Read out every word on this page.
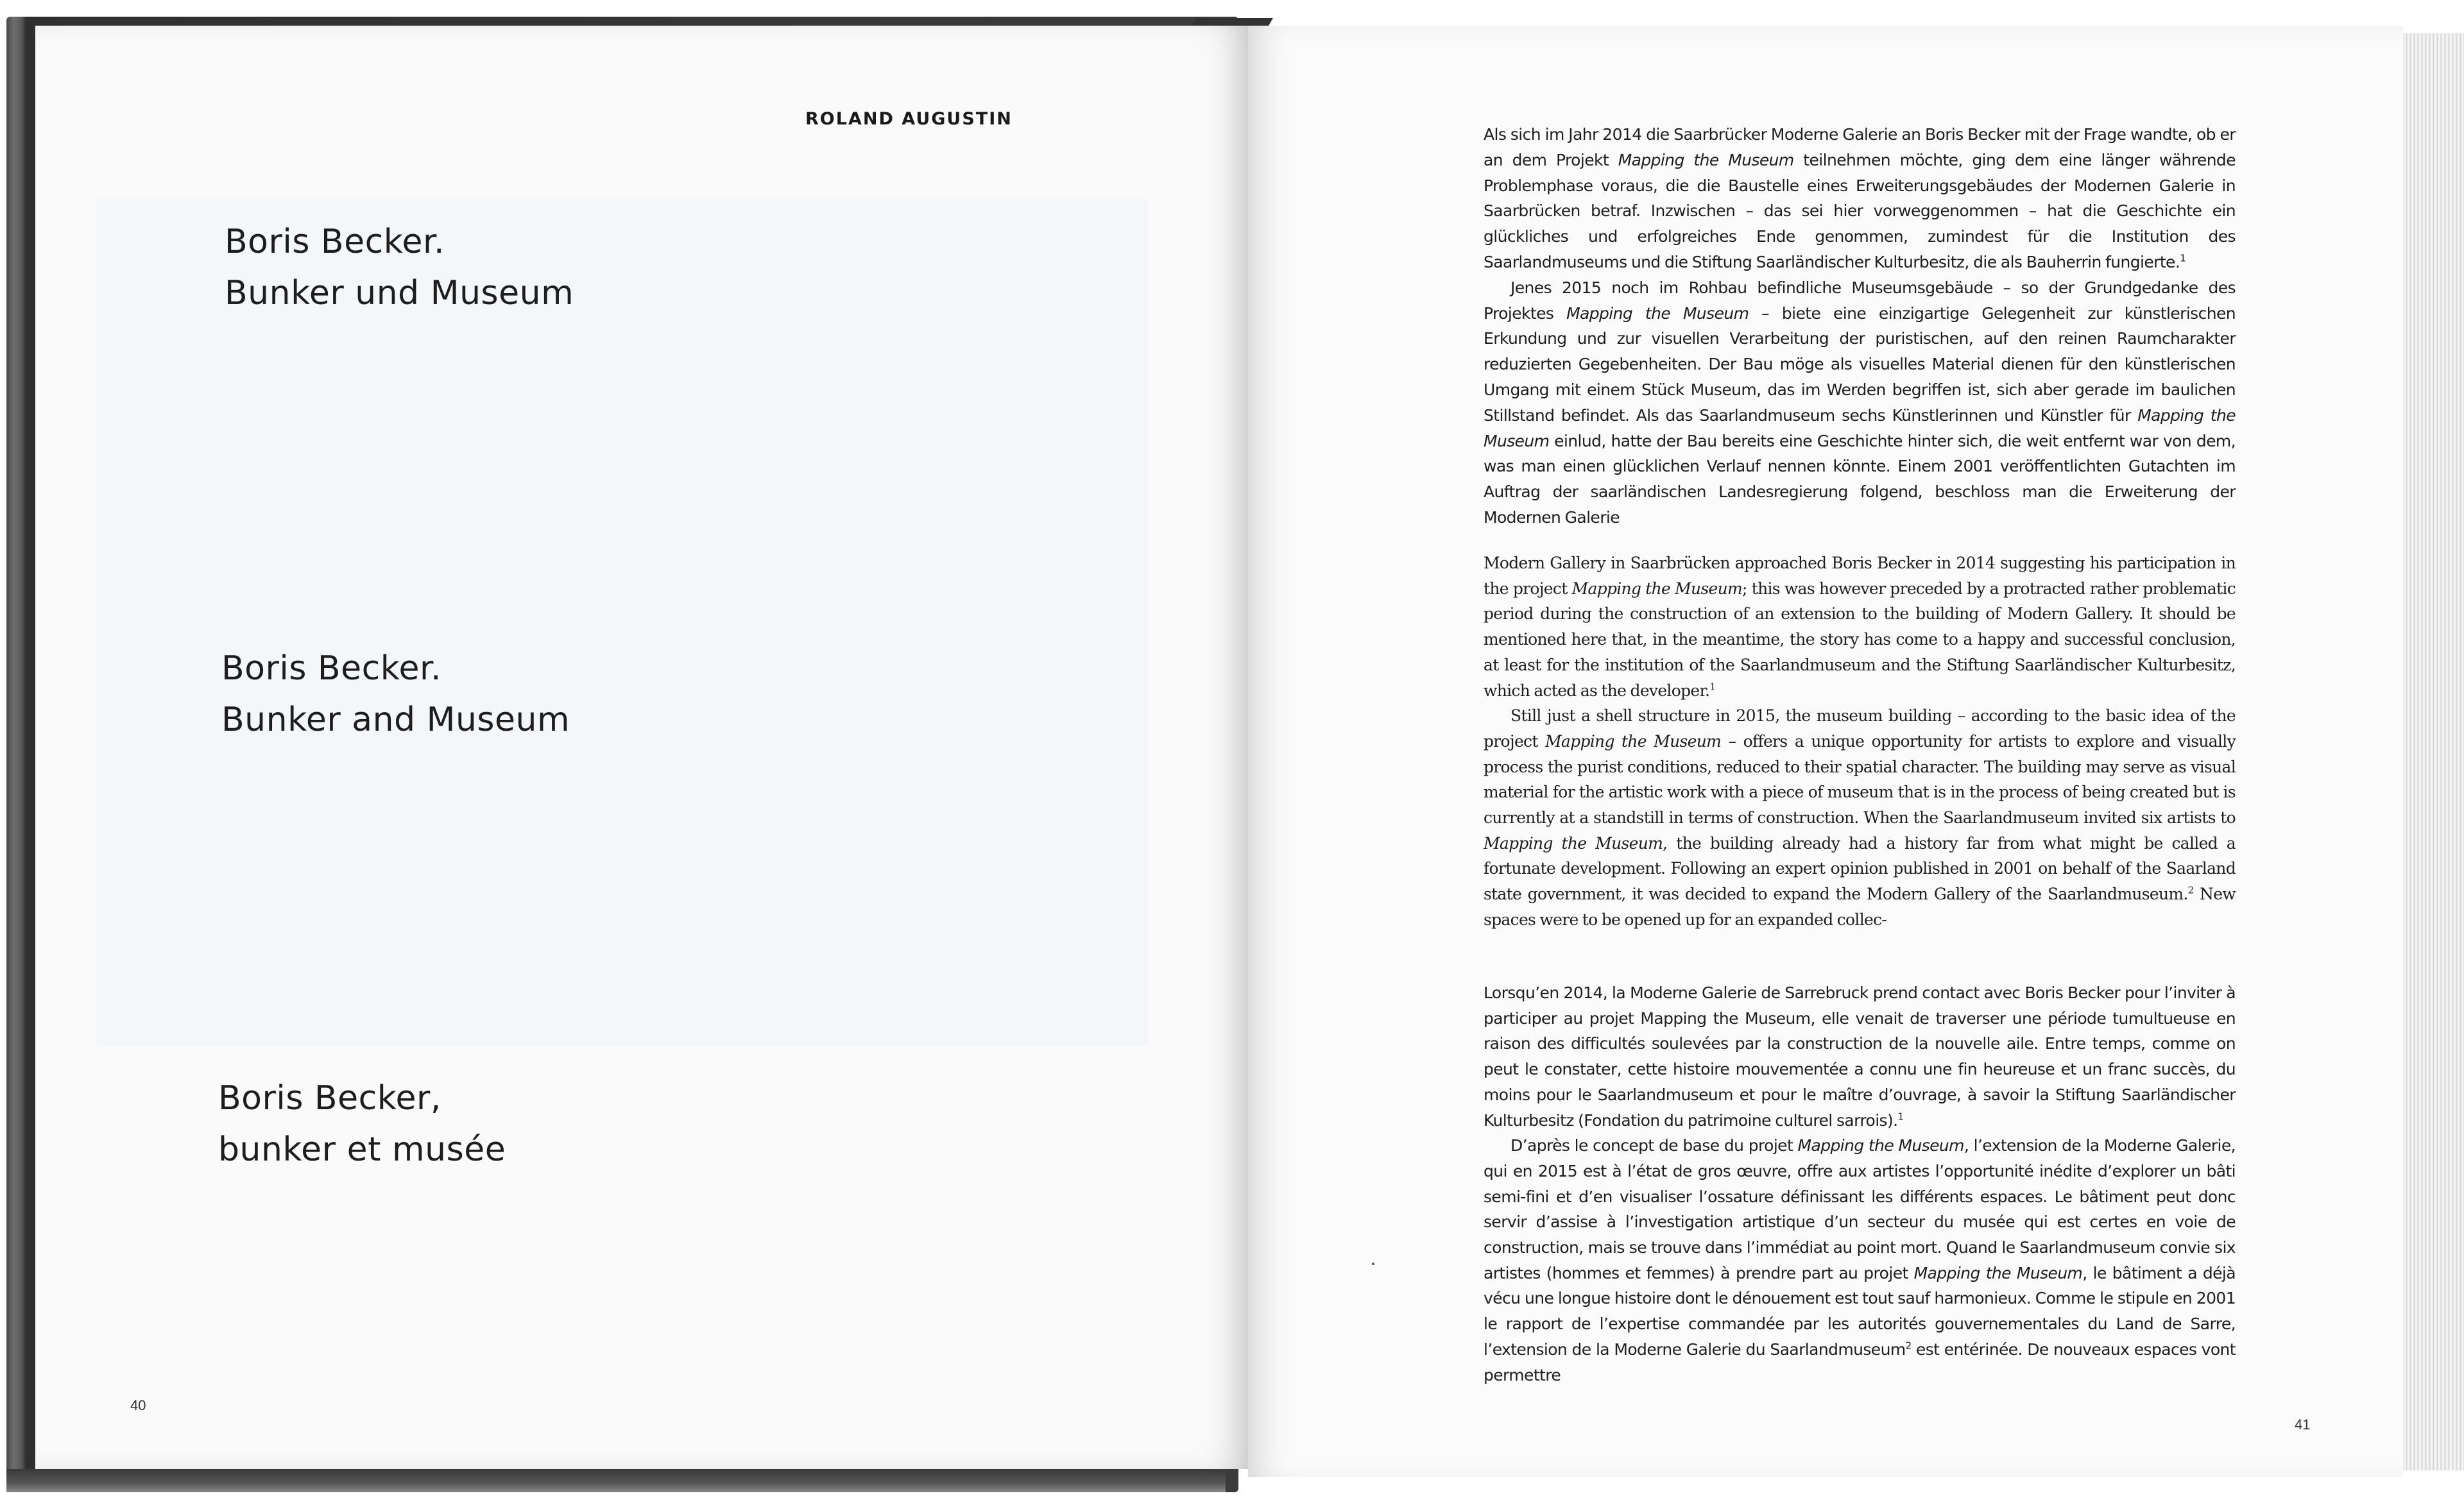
ROLAND AUGUSTIN
Boris Becker.
Bunker und Museum
Boris Becker.
Bunker and Museum
Boris Becker,
bunker et musée
40

Als sich im Jahr 2014 die Saarbrücker Moderne Galerie an Boris Becker mit der Frage wandte, ob er an dem Projekt Mapping the Museum teilnehmen möchte, ging dem eine länger währende Problemphase voraus, die die Baustelle eines Erweiterungsgebäudes der Modernen Galerie in Saarbrücken betraf. Inzwischen – das sei hier vorweggenommen – hat die Geschichte ein glückliches und erfolgreiches Ende genommen, zumindest für die Institution des Saarlandmuseums und die Stiftung Saarländischer Kulturbesitz, die als Bauherrin fungierte.$^1$

Jenes 2015 noch im Rohbau befindliche Museumsgebäude – so der Grundgedanke des Projektes Mapping the Museum – biete eine einzigartige Gelegenheit zur künstlerischen Erkundung und zur visuellen Verarbeitung der puristischen, auf den reinen Raumcharakter reduzierten Gegebenheiten. Der Bau möge als visuelles Material dienen für den künstlerischen Umgang mit einem Stück Museum, das im Werden begriffen ist, sich aber gerade im baulichen Stillstand befindet. Als das Saarlandmuseum sechs Künstlerinnen und Künstler für Mapping the Museum einlud, hatte der Bau bereits eine Geschichte hinter sich, die weit entfernt war von dem, was man einen glücklichen Verlauf nennen könnte. Einem 2001 veröffentlichten Gutachten im Auftrag der saarländischen Landesregierung folgend, beschloss man die Erweiterung der Modernen Galerie

Modern Gallery in Saarbrücken approached Boris Becker in 2014 suggesting his participation in the project Mapping the Museum; this was however preceded by a protracted rather problematic period during the construction of an extension to the building of Modern Gallery. It should be mentioned here that, in the meantime, the story has come to a happy and successful conclusion, at least for the institution of the Saarlandmuseum and the Stiftung Saarländischer Kulturbesitz, which acted as the developer.$^1$

Still just a shell structure in 2015, the museum building – according to the basic idea of the project Mapping the Museum – offers a unique opportunity for artists to explore and visually process the purist conditions, reduced to their spatial character. The building may serve as visual material for the artistic work with a piece of museum that is in the process of being created but is currently at a standstill in terms of construction. When the Saarlandmuseum invited six artists to Mapping the Museum, the building already had a history far from what might be called a fortunate development. Following an expert opinion published in 2001 on behalf of the Saarland state government, it was decided to expand the Modern Gallery of the Saarlandmuseum.$^2$ New spaces were to be opened up for an expanded collec-

Lorsqu’en 2014, la Moderne Galerie de Sarrebruck prend contact avec Boris Becker pour l’inviter à participer au projet Mapping the Museum, elle venait de traverser une période tumultueuse en raison des difficultés soulevées par la construction de la nouvelle aile. Entre temps, comme on peut le constater, cette histoire mouvementée a connu une fin heureuse et un franc succès, du moins pour le Saarlandmuseum et pour le maître d’ouvrage, à savoir la Stiftung Saarländischer Kulturbesitz (Fondation du patrimoine culturel sarrois).$^1$

D’après le concept de base du projet Mapping the Museum, l’extension de la Moderne Galerie, qui en 2015 est à l’état de gros œuvre, offre aux artistes l’opportunité inédite d’explorer un bâti semi-fini et d’en visualiser l’ossature définissant les différents espaces. Le bâtiment peut donc servir d’assise à l’investigation artistique d’un secteur du musée qui est certes en voie de construction, mais se trouve dans l’immédiat au point mort. Quand le Saarlandmuseum convie six artistes (hommes et femmes) à prendre part au projet Mapping the Museum, le bâtiment a déjà vécu une longue histoire dont le dénouement est tout sauf harmonieux. Comme le stipule en 2001 le rapport de l’expertise commandée par les autorités gouvernementales du Land de Sarre, l’extension de la Moderne Galerie du Saarlandmuseum$^2$ est entérinée. De nouveaux espaces vont permettre

41
